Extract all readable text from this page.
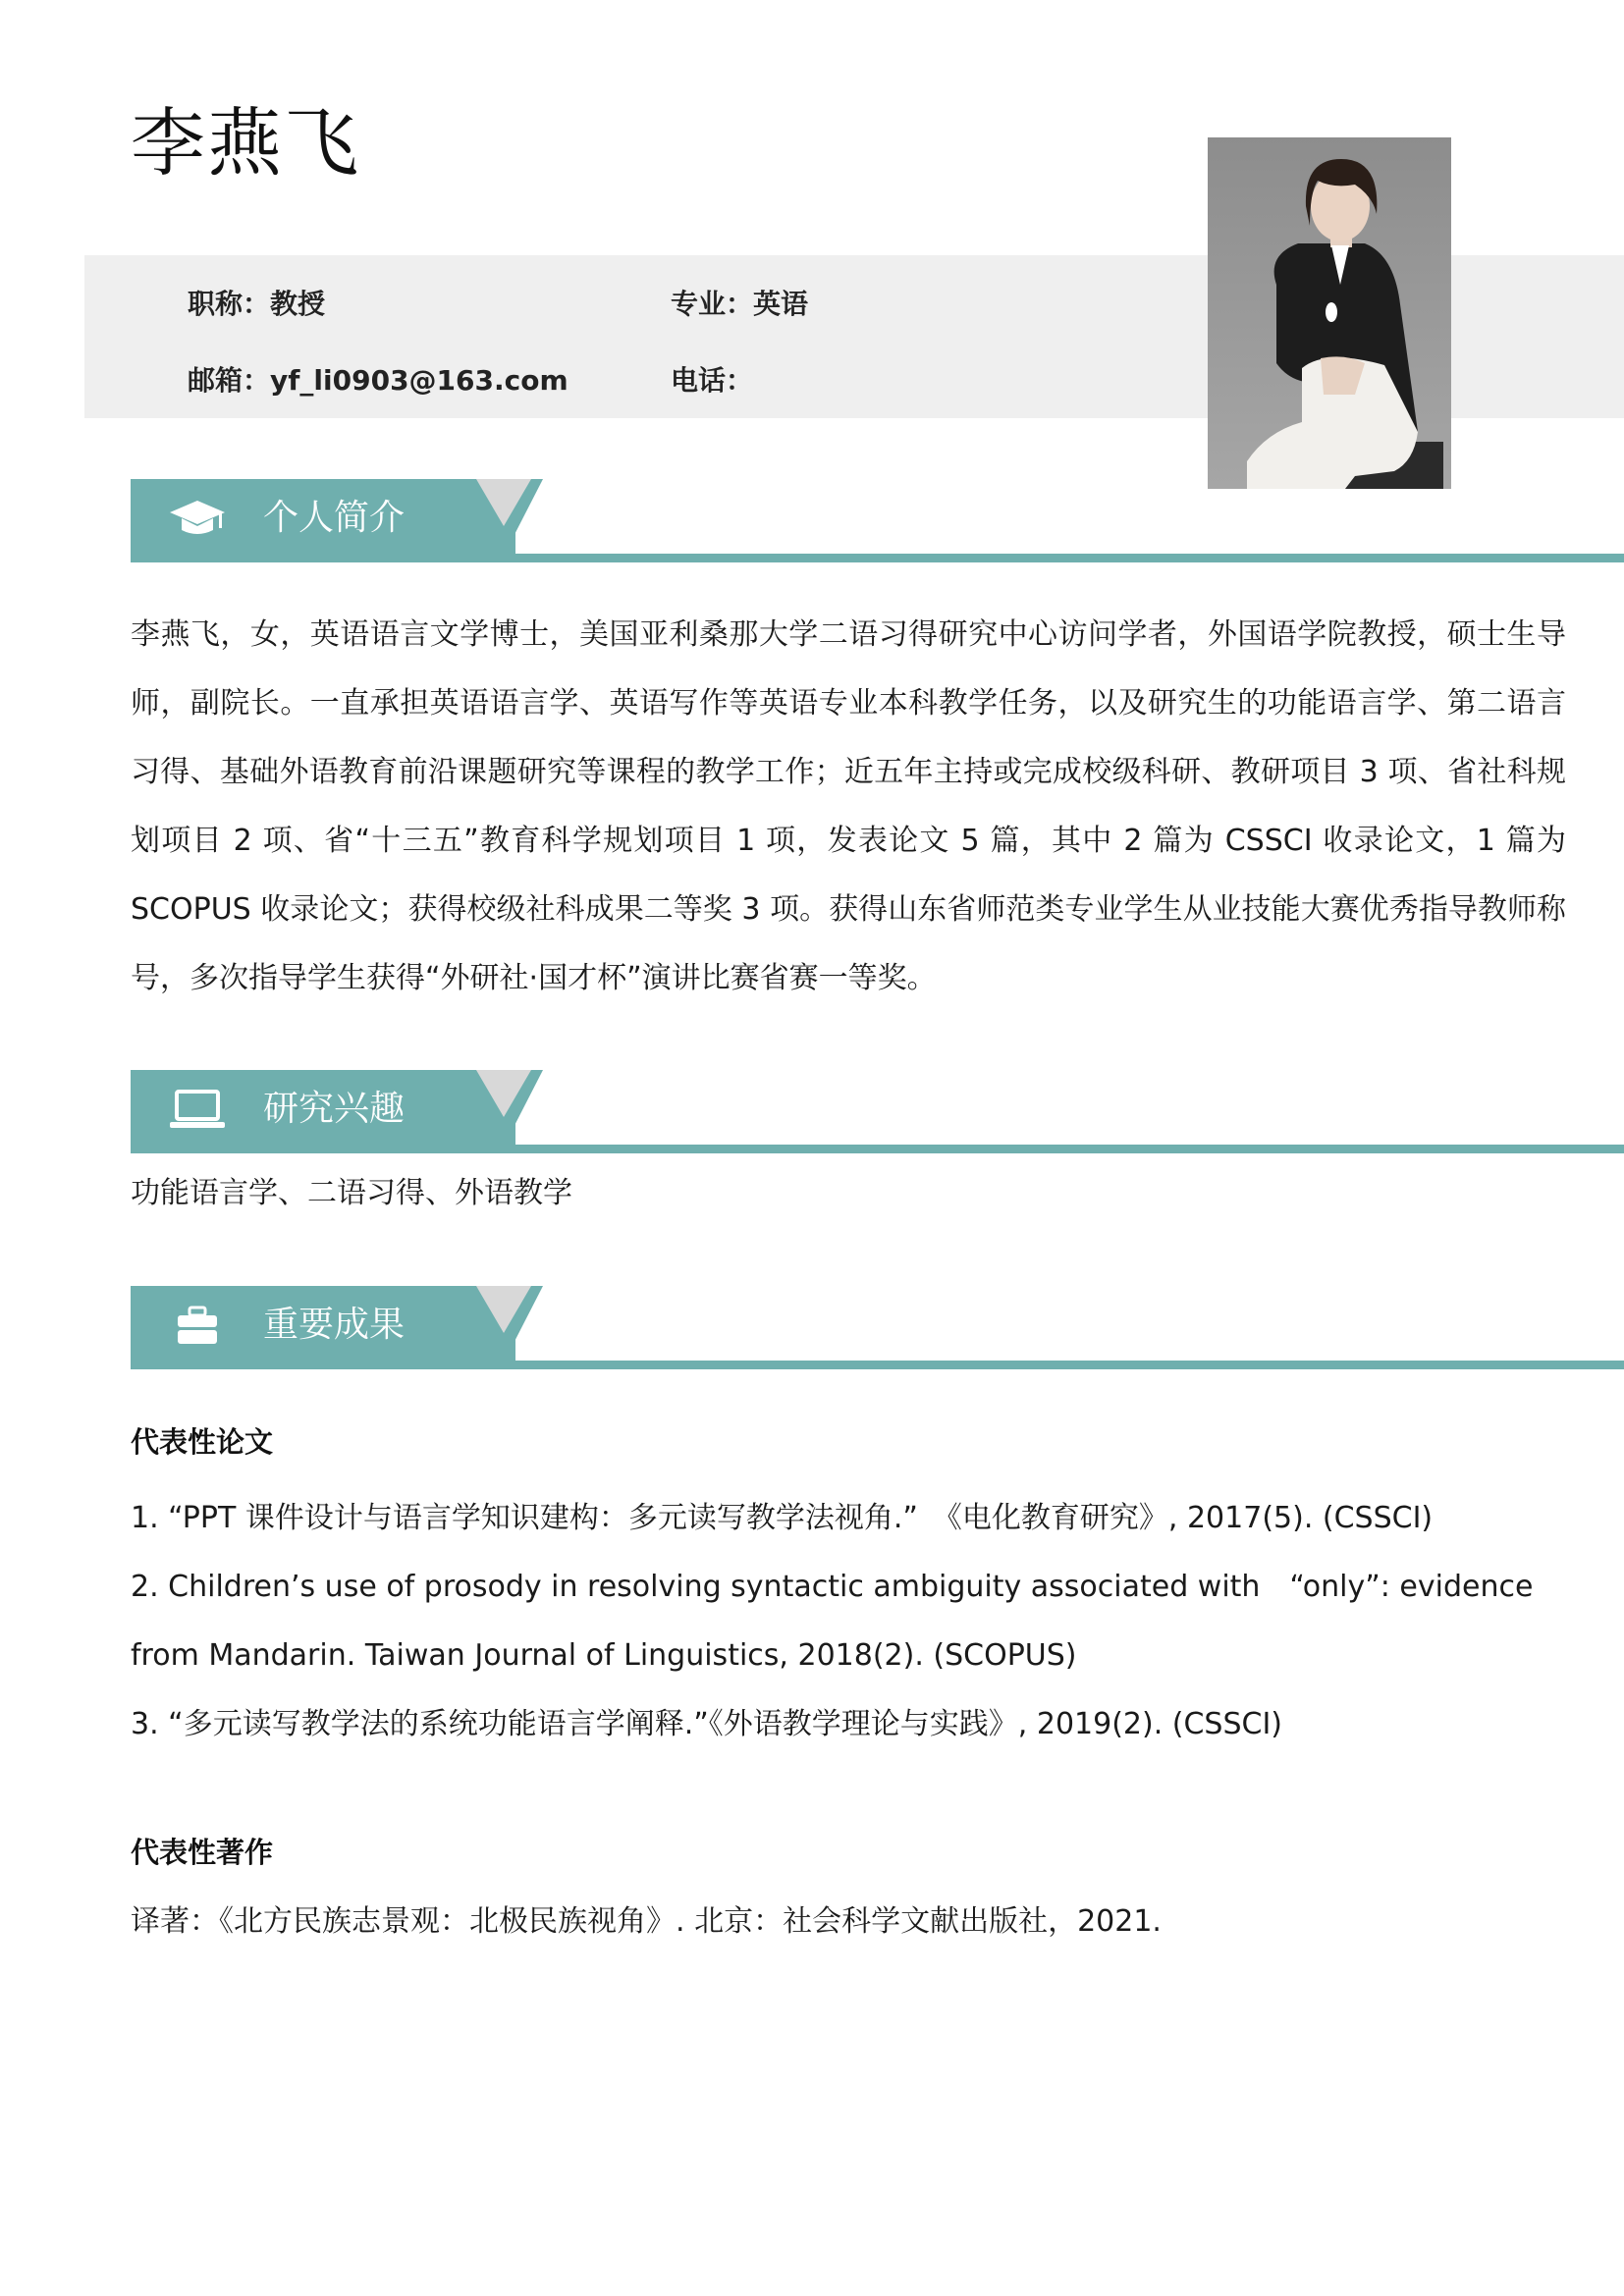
李燕飞
职称：教授	专业：英语
邮箱：yf_li0903@163.com	电话：
个人简介

李燕飞，女，英语语言文学博士，美国亚利桑那大学二语习得研究中心访问学者，外国语学院教授，硕士生导师，副院长。一直承担英语语言学、英语写作等英语专业本科教学任务，以及研究生的功能语言学、第二语言习得、基础外语教育前沿课题研究等课程的教学工作；近五年主持或完成校级科研、教研项目 3 项、省社科规划项目 2 项、省“十三五”教育科学规划项目 1 项，发表论文 5 篇，其中 2 篇为 CSSCI 收录论文，1 篇为 SCOPUS 收录论文；获得校级社科成果二等奖 3 项。获得山东省师范类专业学生从业技能大赛优秀指导教师称号，多次指导学生获得“外研社·国才杯”演讲比赛省赛一等奖。

研究兴趣

功能语言学、二语习得、外语教学

重要成果
代表性论文
1. “PPT 课件设计与语言学知识建构：多元读写教学法视角.”　《电化教育研究》, 2017(5). (CSSCI)
2. Children’s use of prosody in resolving syntactic ambiguity associated with　“only”: evidence from Mandarin. Taiwan Journal of Linguistics, 2018(2). (SCOPUS)
3. “多元读写教学法的系统功能语言学阐释.”《外语教学理论与实践》, 2019(2). (CSSCI)
代表性著作

译著：《北方民族志景观：北极民族视角》. 北京：社会科学文献出版社，2021.
